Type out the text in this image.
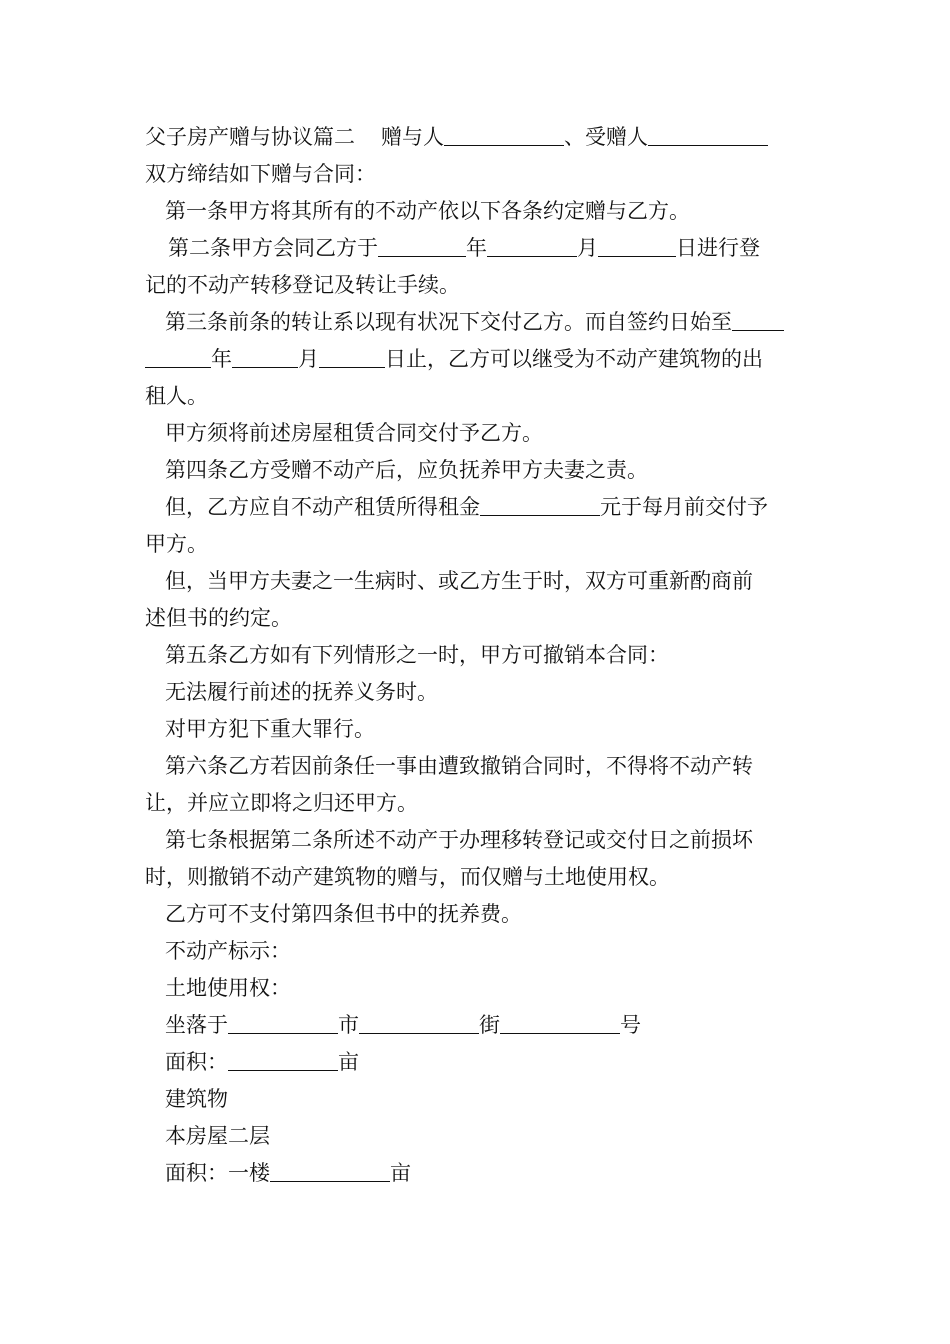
父子房产赠与协议篇二 赠与人	、受赠人
双方缔结如下赠与合同：
第一条甲方将其所有的不动产依以下各条约定赠与乙方。
第二条甲方会同乙方于	年	月	日进行登
记的不动产转移登记及转让手续。
第三条前条的转让系以现有状况下交付乙方。而自签约日始至
年	月	日止，乙方可以继受为不动产建筑物的出
租人。
甲方须将前述房屋租赁合同交付予乙方。
第四条乙方受赠不动产后，应负抚养甲方夫妻之责。
但，乙方应自不动产租赁所得租金	元于每月前交付予
甲方。
但，当甲方夫妻之一生病时、或乙方生于时，双方可重新酌商前
述但书的约定。
第五条乙方如有下列情形之一时，甲方可撤销本合同：
无法履行前述的抚养义务时。
对甲方犯下重大罪行。
第六条乙方若因前条任一事由遭致撤销合同时，不得将不动产转
让，并应立即将之归还甲方。
第七条根据第二条所述不动产于办理移转登记或交付日之前损坏
时，则撤销不动产建筑物的赠与，而仅赠与土地使用权。
乙方可不支付第四条但书中的抚养费。
不动产标示：
土地使用权：
坐落于	市	街	号
面积：	亩
建筑物
本房屋二层
面积：一楼	亩
